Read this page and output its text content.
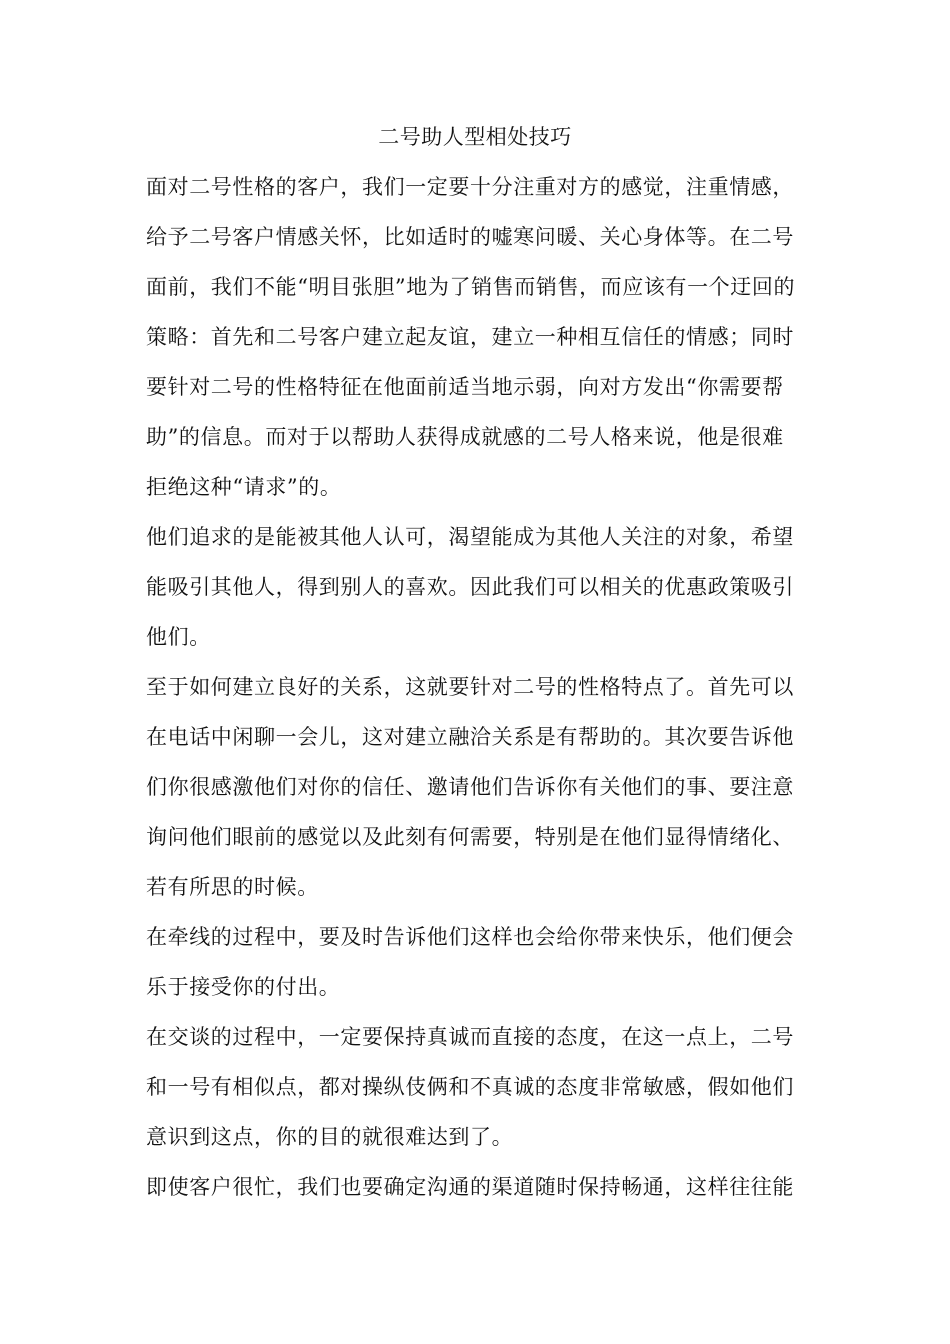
二号助人型相处技巧
面对二号性格的客户，我们一定要十分注重对方的感觉，注重情感，
给予二号客户情感关怀，比如适时的嘘寒问暖、关心身体等。在二号
面前，我们不能“明目张胆”地为了销售而销售，而应该有一个迂回的
策略：首先和二号客户建立起友谊，建立一种相互信任的情感；同时
要针对二号的性格特征在他面前适当地示弱，向对方发出“你需要帮
助”的信息。而对于以帮助人获得成就感的二号人格来说，他是很难
拒绝这种“请求”的。
他们追求的是能被其他人认可，渴望能成为其他人关注的对象，希望
能吸引其他人，得到别人的喜欢。因此我们可以相关的优惠政策吸引
他们。
至于如何建立良好的关系，这就要针对二号的性格特点了。首先可以
在电话中闲聊一会儿，这对建立融洽关系是有帮助的。其次要告诉他
们你很感激他们对你的信任、邀请他们告诉你有关他们的事、要注意
询问他们眼前的感觉以及此刻有何需要，特别是在他们显得情绪化、
若有所思的时候。
在牵线的过程中，要及时告诉他们这样也会给你带来快乐，他们便会
乐于接受你的付出。
在交谈的过程中，一定要保持真诚而直接的态度，在这一点上，二号
和一号有相似点，都对操纵伎俩和不真诚的态度非常敏感，假如他们
意识到这点，你的目的就很难达到了。
即使客户很忙，我们也要确定沟通的渠道随时保持畅通，这样往往能
